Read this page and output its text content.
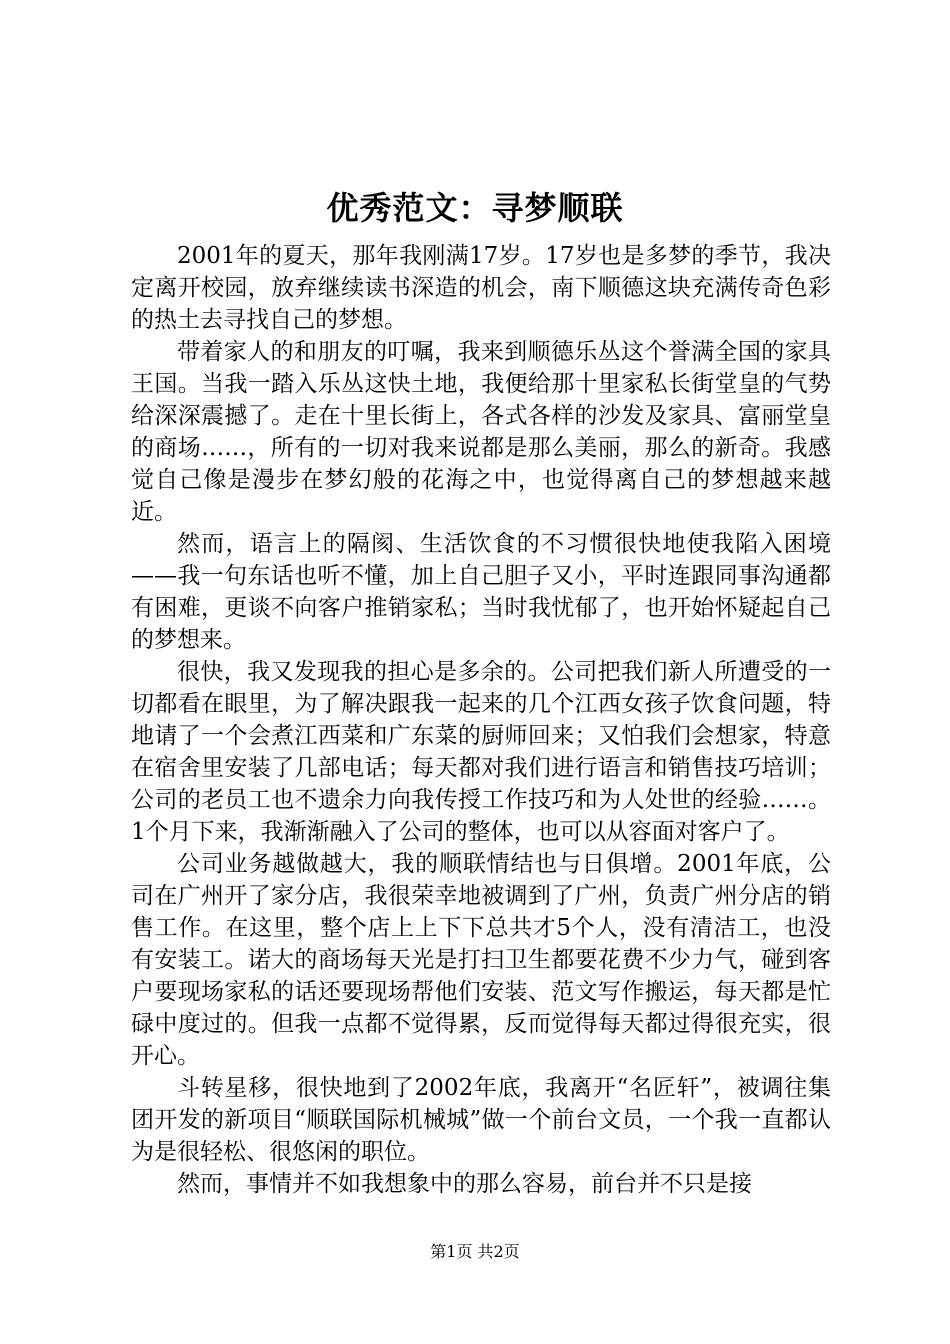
优秀范文：寻梦顺联

2001年的夏天，那年我刚满17岁。17岁也是多梦的季节，我决定离开校园，放弃继续读书深造的机会，南下顺德这块充满传奇色彩的热土去寻找自己的梦想。

带着家人的和朋友的叮嘱，我来到顺德乐丛这个誉满全国的家具王国。当我一踏入乐丛这快土地，我便给那十里家私长街堂皇的气势给深深震撼了。走在十里长街上，各式各样的沙发及家具、富丽堂皇的商场……，所有的一切对我来说都是那么美丽，那么的新奇。我感觉自己像是漫步在梦幻般的花海之中，也觉得离自己的梦想越来越近。

然而，语言上的隔阂、生活饮食的不习惯很快地使我陷入困境——我一句东话也听不懂，加上自己胆子又小，平时连跟同事沟通都有困难，更谈不向客户推销家私；当时我忧郁了，也开始怀疑起自己的梦想来。

很快，我又发现我的担心是多余的。公司把我们新人所遭受的一切都看在眼里，为了解决跟我一起来的几个江西女孩子饮食问题，特地请了一个会煮江西菜和广东菜的厨师回来；又怕我们会想家，特意在宿舍里安装了几部电话；每天都对我们进行语言和销售技巧培训；公司的老员工也不遗余力向我传授工作技巧和为人处世的经验……。1个月下来，我渐渐融入了公司的整体，也可以从容面对客户了。

公司业务越做越大，我的顺联情结也与日俱增。2001年底，公司在广州开了家分店，我很荣幸地被调到了广州，负责广州分店的销售工作。在这里，整个店上上下下总共才5个人，没有清洁工，也没有安装工。诺大的商场每天光是打扫卫生都要花费不少力气，碰到客户要现场家私的话还要现场帮他们安装、范文写作搬运，每天都是忙碌中度过的。但我一点都不觉得累，反而觉得每天都过得很充实，很开心。

斗转星移，很快地到了2002年底，我离开“名匠轩”，被调往集团开发的新项目“顺联国际机械城”做一个前台文员，一个我一直都认为是很轻松、很悠闲的职位。

然而，事情并不如我想象中的那么容易，前台并不只是接

第1页 共2页
